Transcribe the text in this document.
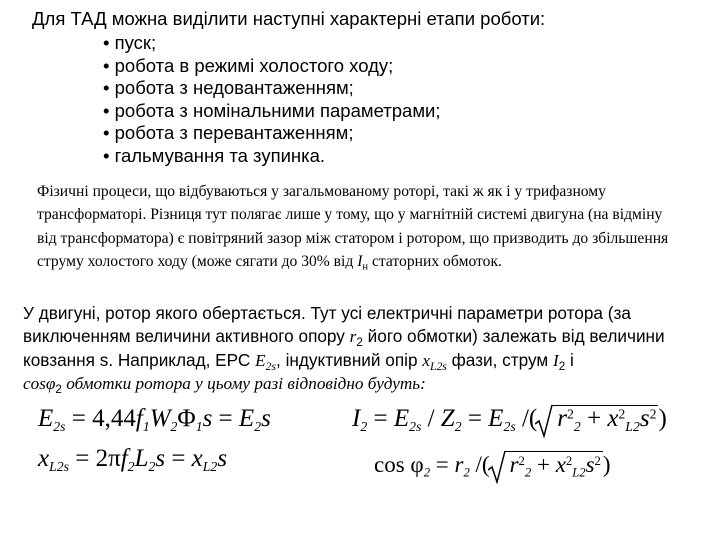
Для ТАД можна виділити наступні характерні етапи роботи:

• пуск;
• робота в режимі холостого ходу;
• робота з недовантаженням;
• робота з номінальними параметрами;
• робота з перевантаженням;
• гальмування та зупинка.

Фізичні процеси, що відбуваються у загальмованому роторі, такі ж як і у трифазному трансформаторі. Різниця тут полягає лише у тому, що у магнітній системі двигуна (на відміну від трансформатора) є повітряний зазор між статором і ротором, що призводить до збільшення струму холостого ходу (може сягати до 30% від $I_н$ статорних обмоток.

У двигуні, ротор якого обертається. Тут усі електричні параметри ротора (за виключенням величини активного опору $r_2$ його обмотки) залежать від величини ковзання s. Наприклад, ЕРС $E_{2s}$, індуктивний опір $x_{L2s}$ фази, струм $I_2$ і
cosφ$_2$ обмотки ротора у цьому разі відповідно будуть:

$E_{2s} = 4,44f_1W_2\Phi_1s = E_2s$
$x_{L2s} = 2\pi f_2L_2s = x_{L2}s$
$I_2 = E_{2s} / Z_2 = E_{2s}$ /( $r^2_2 + x^2_{L2}s^2$)
$\cos \varphi_2 = r_2$ /( $r^2_2 + x^2_{L2}s^2$)
